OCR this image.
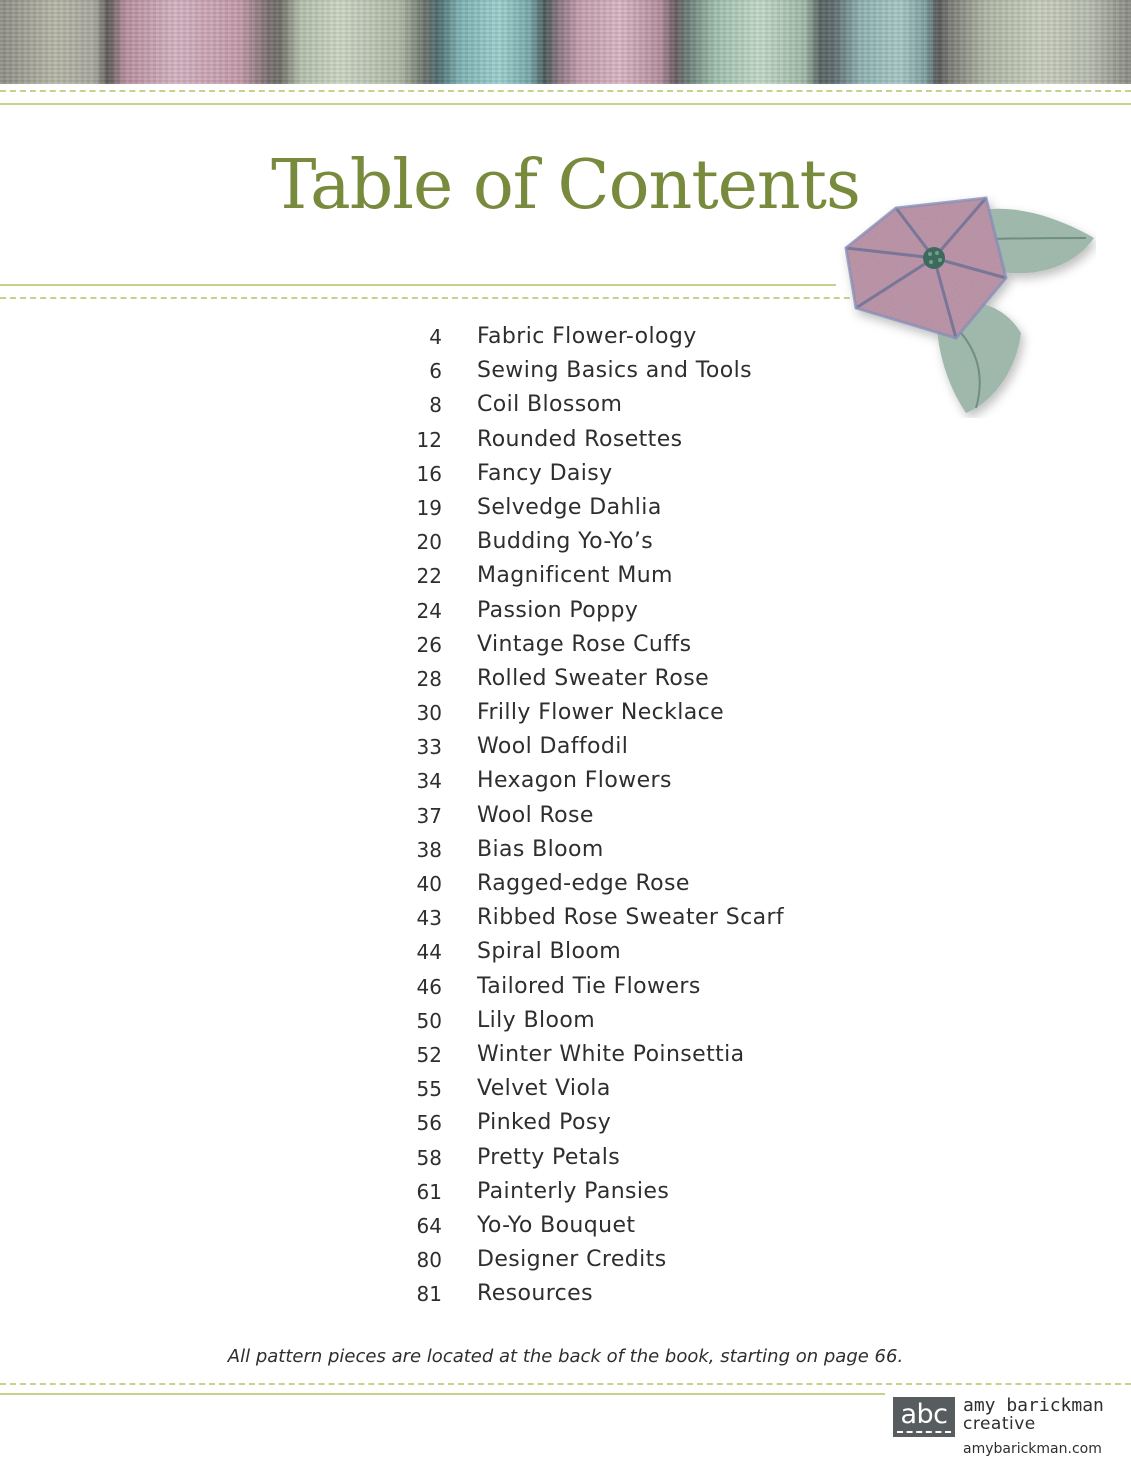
Table of Contents
4 Fabric Flower-ology
6 Sewing Basics and Tools
8 Coil Blossom
12 Rounded Rosettes
16 Fancy Daisy
19 Selvedge Dahlia
20 Budding Yo-Yo’s
22 Magnificent Mum
24 Passion Poppy
26 Vintage Rose Cuffs
28 Rolled Sweater Rose
30 Frilly Flower Necklace
33 Wool Daffodil
34 Hexagon Flowers
37 Wool Rose
38 Bias Bloom
40 Ragged-edge Rose
43 Ribbed Rose Sweater Scarf
44 Spiral Bloom
46 Tailored Tie Flowers
50 Lily Bloom
52 Winter White Poinsettia
55 Velvet Viola
56 Pinked Posy
58 Pretty Petals
61 Painterly Pansies
64 Yo-Yo Bouquet
80 Designer Credits
81 Resources
All pattern pieces are located at the back of the book, starting on page 66.
abc amy barickman
creative
amybarickman.com
